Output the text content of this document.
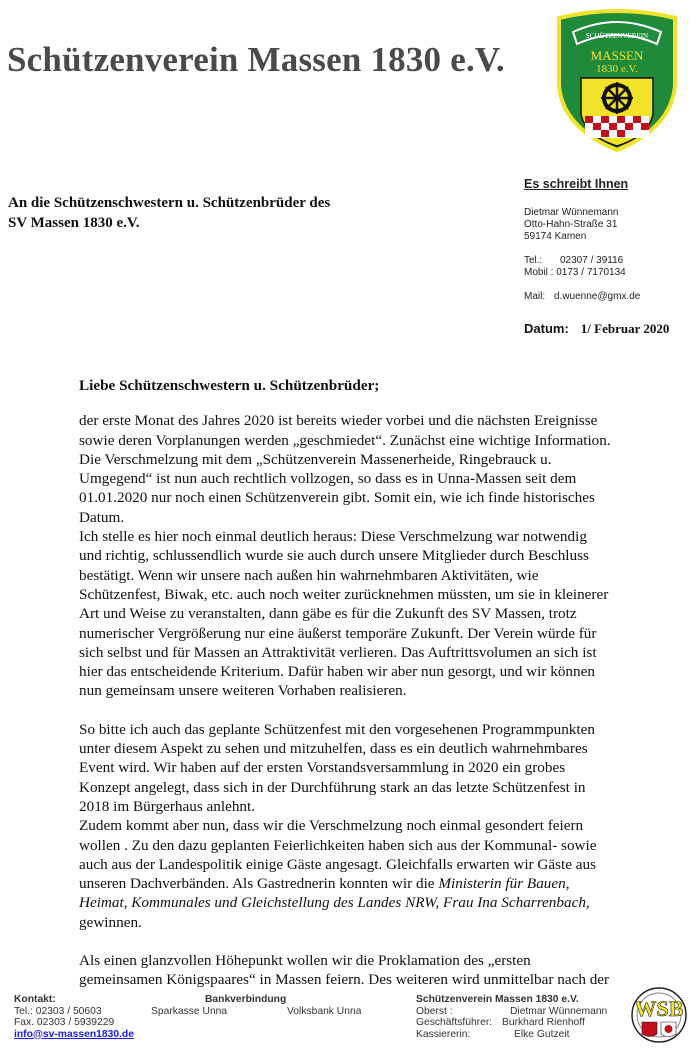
Schützenverein Massen 1830 e.V.
SCHÜTZENVEREIN
MASSEN
1830 e.V.
An die Schützenschwestern u. Schützenbrüder des
SV Massen 1830 e.V.
Es schreibt Ihnen
Dietmar Wünnemann
Otto-Hahn-Straße 31
59174 Kamen
Tel.: 02307 / 39116
Mobil : 0173 / 7170134
Mail: d.wuenne@gmx.de
Datum: 1/ Februar 2020

Liebe Schützenschwestern u. Schützenbrüder;

der erste Monat des Jahres 2020 ist bereits wieder vorbei und die nächsten Ereignisse
sowie deren Vorplanungen werden „geschmiedet“. Zunächst eine wichtige Information.
Die Verschmelzung mit dem „Schützenverein Massenerheide, Ringebrauck u.
Umgegend“ ist nun auch rechtlich vollzogen, so dass es in Unna-Massen seit dem
01.01.2020 nur noch einen Schützenverein gibt. Somit ein, wie ich finde historisches
Datum.
Ich stelle es hier noch einmal deutlich heraus: Diese Verschmelzung war notwendig
und richtig, schlussendlich wurde sie auch durch unsere Mitglieder durch Beschluss
bestätigt. Wenn wir unsere nach außen hin wahrnehmbaren Aktivitäten, wie
Schützenfest, Biwak, etc. auch noch weiter zurücknehmen müssten, um sie in kleinerer
Art und Weise zu veranstalten, dann gäbe es für die Zukunft des SV Massen, trotz
numerischer Vergrößerung nur eine äußerst temporäre Zukunft. Der Verein würde für
sich selbst und für Massen an Attraktivität verlieren. Das Auftrittsvolumen an sich ist
hier das entscheidende Kriterium. Dafür haben wir aber nun gesorgt, und wir können
nun gemeinsam unsere weiteren Vorhaben realisieren.

So bitte ich auch das geplante Schützenfest mit den vorgesehenen Programmpunkten
unter diesem Aspekt zu sehen und mitzuhelfen, dass es ein deutlich wahrnehmbares
Event wird. Wir haben auf der ersten Vorstandsversammlung in 2020 ein grobes
Konzept angelegt, dass sich in der Durchführung stark an das letzte Schützenfest in
2018 im Bürgerhaus anlehnt.
Zudem kommt aber nun, dass wir die Verschmelzung noch einmal gesondert feiern
wollen . Zu den dazu geplanten Feierlichkeiten haben sich aus der Kommunal- sowie
auch aus der Landespolitik einige Gäste angesagt. Gleichfalls erwarten wir Gäste aus
unseren Dachverbänden. Als Gastrednerin konnten wir die Ministerin für Bauen,
Heimat, Kommunales und Gleichstellung des Landes NRW, Frau Ina Scharrenbach,
gewinnen.

Als einen glanzvollen Höhepunkt wollen wir die Proklamation des „ersten
gemeinsamen Königspaares“ in Massen feiern. Des weiteren wird unmittelbar nach der

Kontakt:
Tel.: 02303 / 50603
Fax. 02303 / 5939229
info@sv-massen1830.de
Bankverbindung
Sparkasse Unna	Volksbank Unna
Schützenverein Massen 1830 e.V.
Oberst :	Dietmar Wünnemann
Geschäftsführer: Burkhard Rienhoff
Kassiererin:	Elke Gutzeit
WSB
